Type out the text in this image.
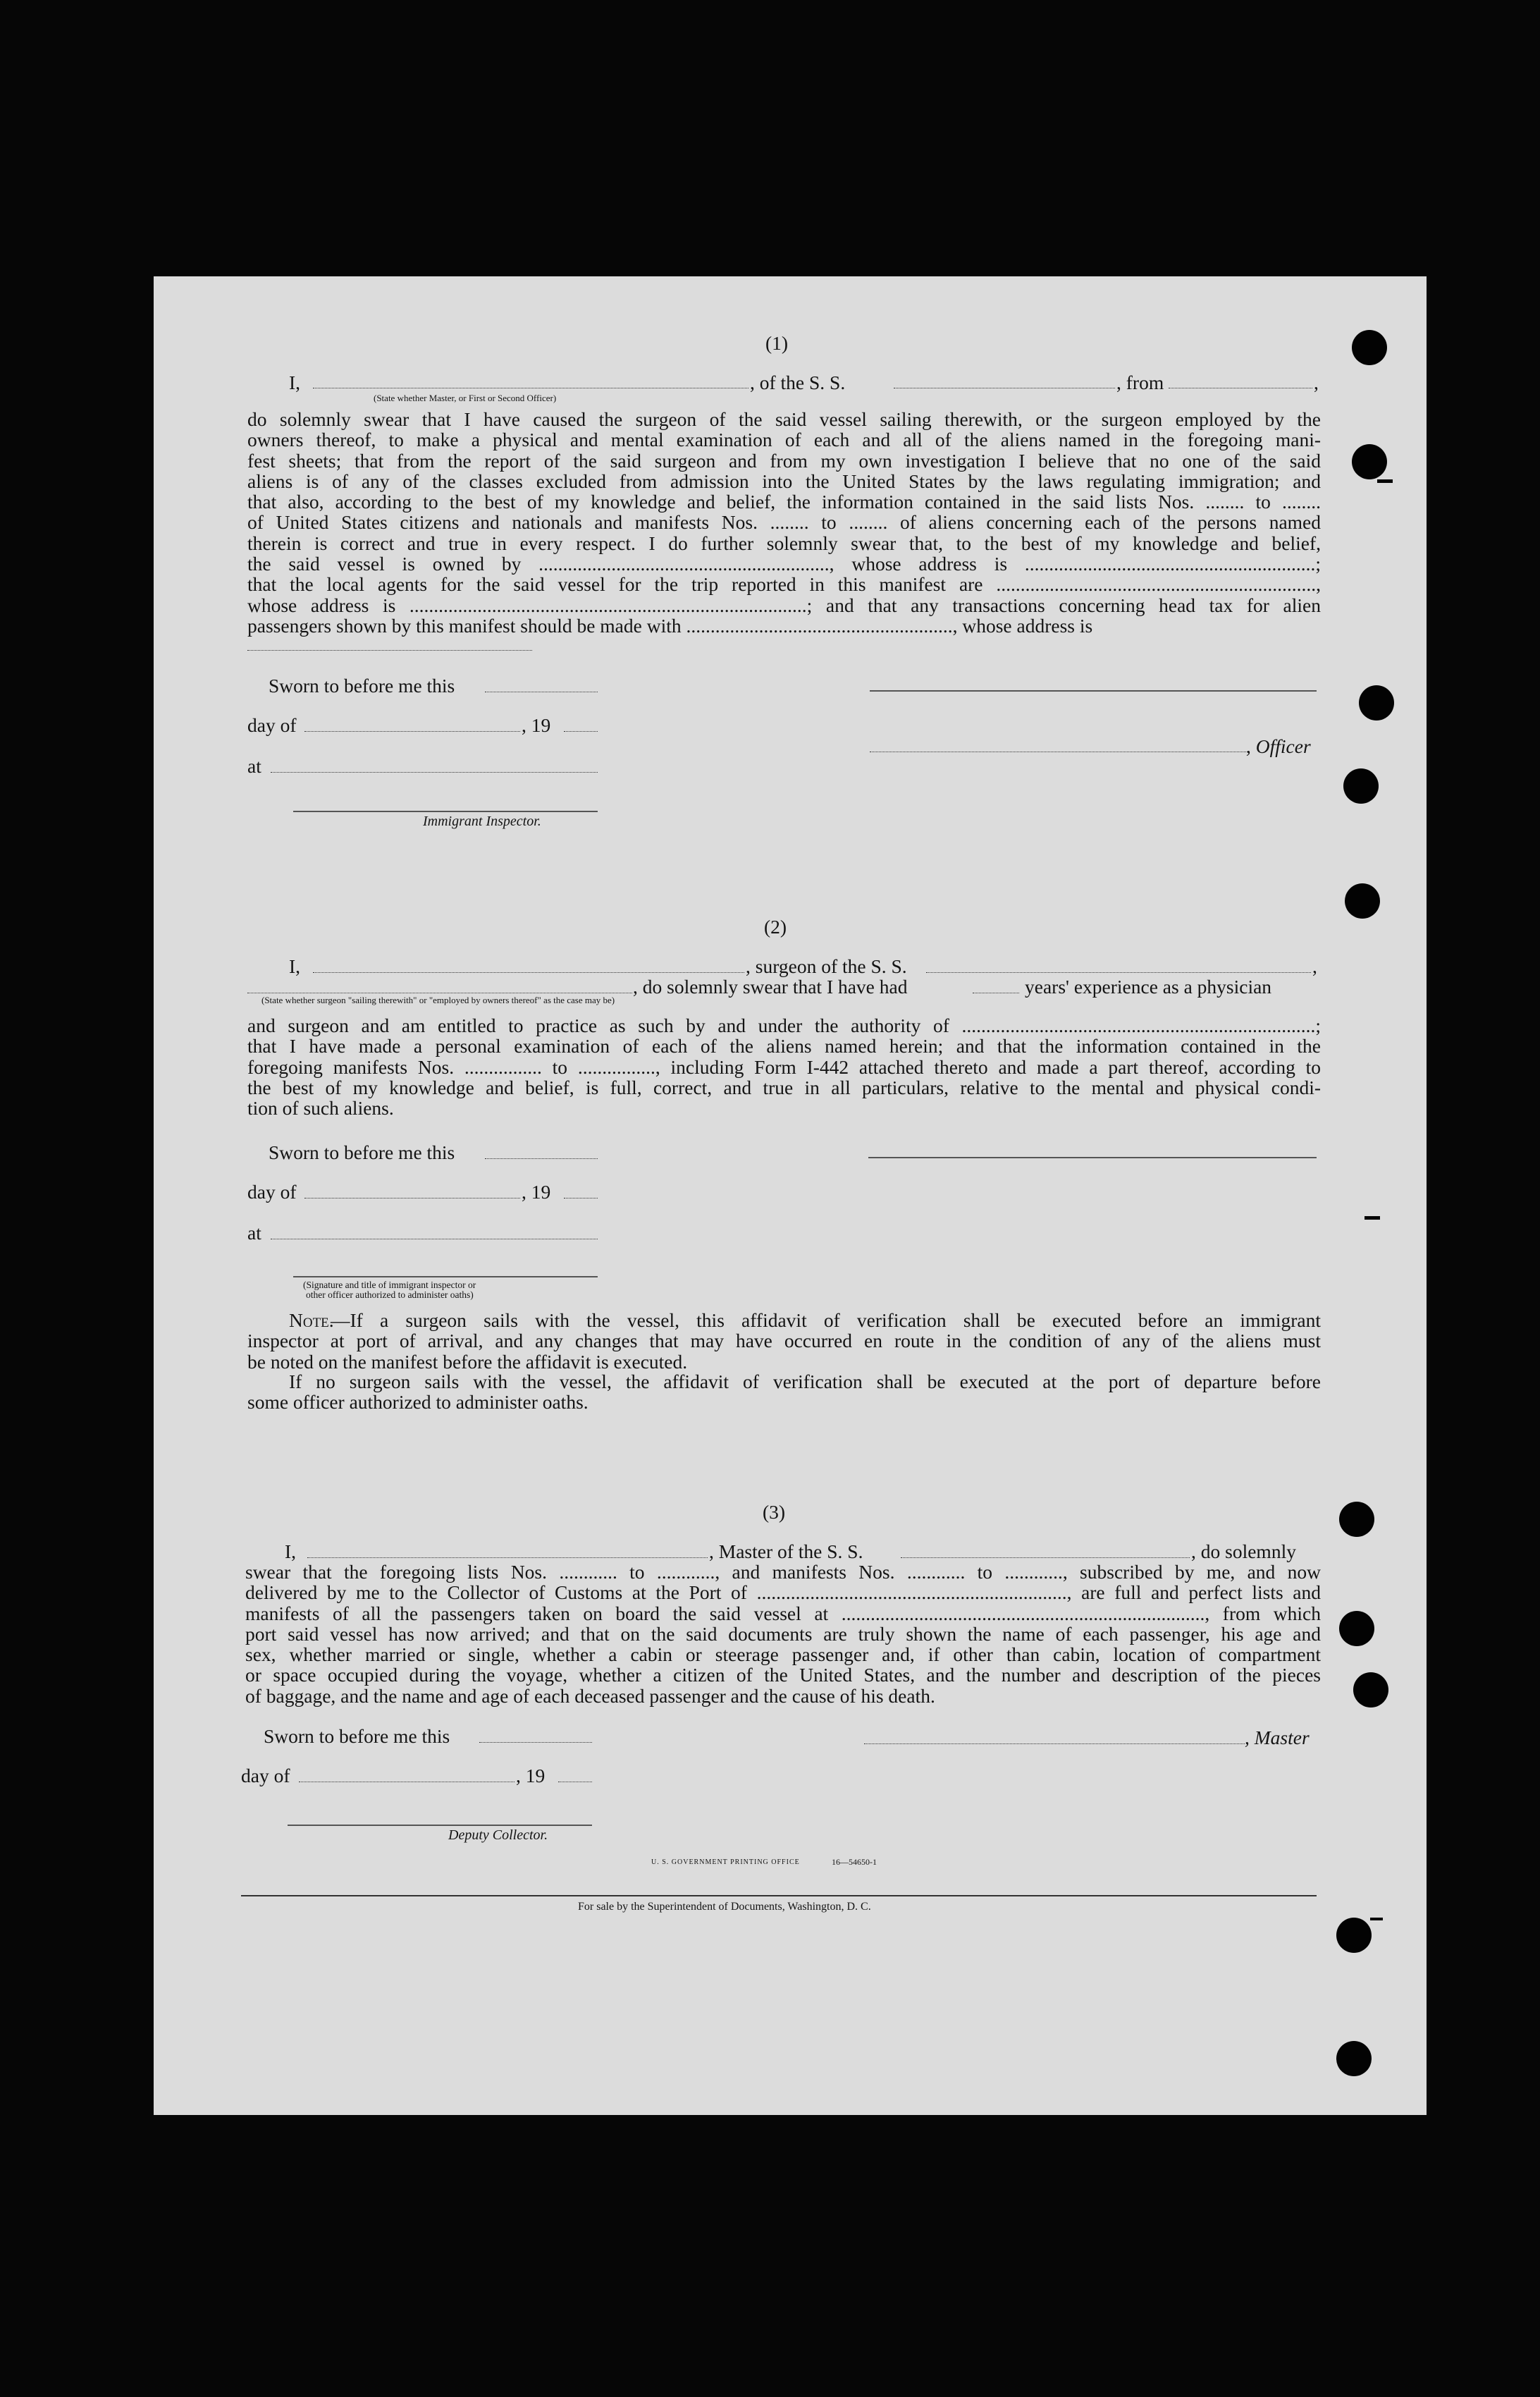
(1)
I,	, of the S. S.	, from	,
(State whether Master, or First or Second Officer)
do solemnly swear that I have caused the surgeon of the said vessel sailing therewith, or the surgeon employed by the
owners thereof, to make a physical and mental examination of each and all of the aliens named in the foregoing mani-
fest sheets; that from the report of the said surgeon and from my own investigation I believe that no one of the said
aliens is of any of the classes excluded from admission into the United States by the laws regulating immigration; and
that also, according to the best of my knowledge and belief, the information contained in the said lists Nos. ........ to ........
of United States citizens and nationals and manifests Nos. ........ to ........ of aliens concerning each of the persons named
therein is correct and true in every respect. I do further solemnly swear that, to the best of my knowledge and belief,
the said vessel is owned by ............................................................, whose address is ............................................................;
that the local agents for the said vessel for the trip reported in this manifest are ..................................................................,
whose address is ..................................................................................; and that any transactions concerning head tax for alien
passengers shown by this manifest should be made with ......................................................., whose address is
Sworn to before me this
day of	, 19
, Officer
at
Immigrant Inspector.
(2)
I,	, surgeon of the S. S.	,
, do solemnly swear that I have had	years' experience as a physician
(State whether surgeon "sailing therewith" or "employed by owners thereof" as the case may be)
and surgeon and am entitled to practice as such by and under the authority of .........................................................................;
that I have made a personal examination of each of the aliens named herein; and that the information contained in the
foregoing manifests Nos. ................ to ................, including Form I-442 attached thereto and made a part thereof, according to
the best of my knowledge and belief, is full, correct, and true in all particulars, relative to the mental and physical condi-
tion of such aliens.
Sworn to before me this
day of	, 19
at
(Signature and title of immigrant inspector or
other officer authorized to administer oaths)
Note.
—If a surgeon sails with the vessel, this affidavit of verification shall be executed before an immigrant
inspector at port of arrival, and any changes that may have occurred en route in the condition of any of the aliens must
be noted on the manifest before the affidavit is executed.
If no surgeon sails with the vessel, the affidavit of verification shall be executed at the port of departure before
some officer authorized to administer oaths.
(3)
I,	, Master of the S. S.	, do solemnly
swear that the foregoing lists Nos. ............ to ............, and manifests Nos. ............ to ............, subscribed by me, and now
delivered by me to the Collector of Customs at the Port of ................................................................, are full and perfect lists and
manifests of all the passengers taken on board the said vessel at ..........................................................................., from which
port said vessel has now arrived; and that on the said documents are truly shown the name of each passenger, his age and
sex, whether married or single, whether a cabin or steerage passenger and, if other than cabin, location of compartment
or space occupied during the voyage, whether a citizen of the United States, and the number and description of the pieces
of baggage, and the name and age of each deceased passenger and the cause of his death.
Sworn to before me this	, Master
day of	, 19
Deputy Collector.
U. S. GOVERNMENT PRINTING OFFICE	16—54650-1
For sale by the Superintendent of Documents, Washington, D. C.
